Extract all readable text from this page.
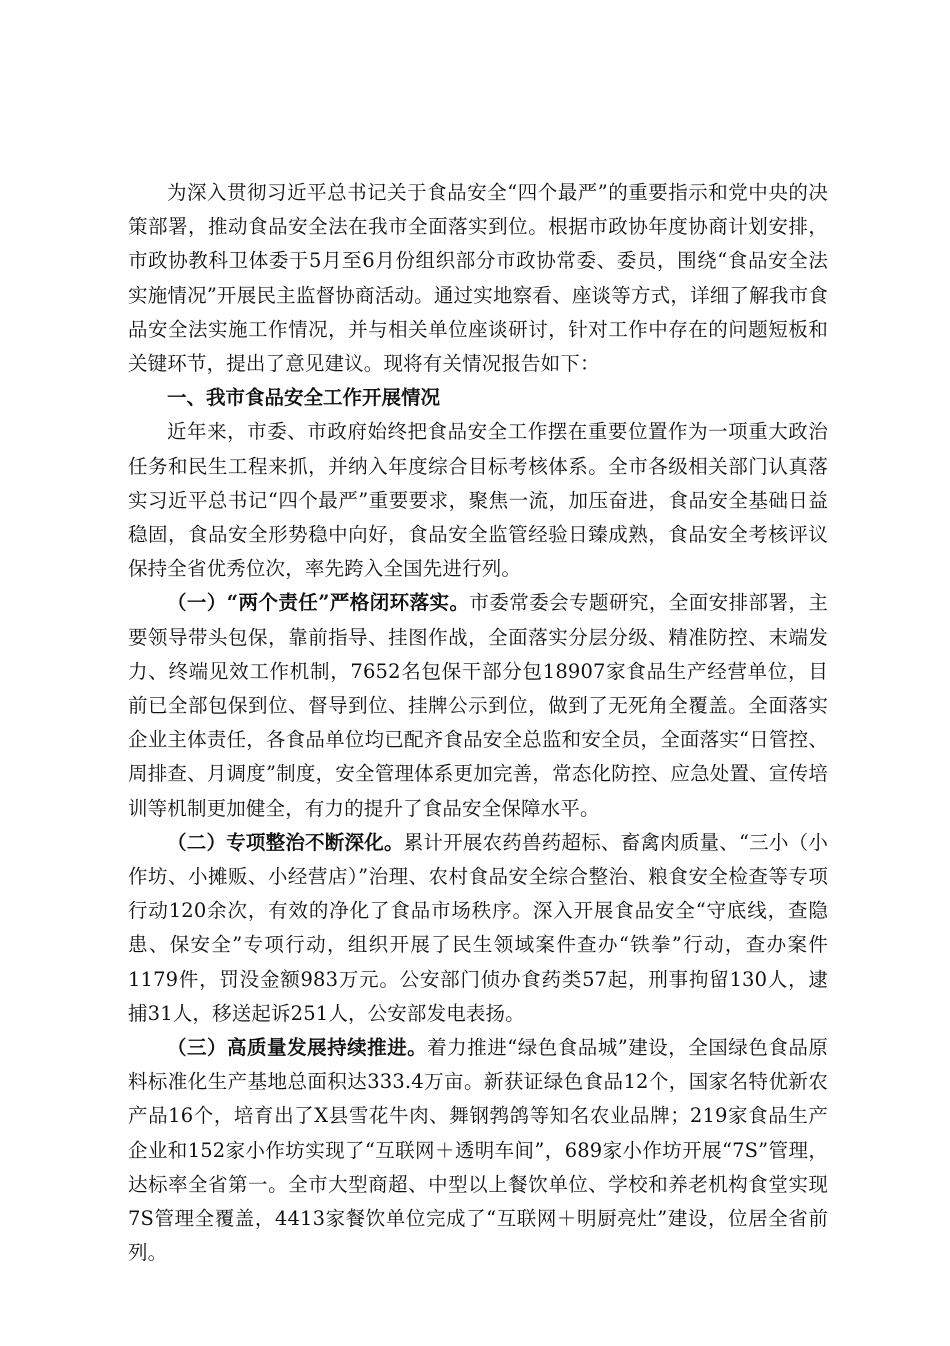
为深入贯彻习近平总书记关于食品安全“四个最严”的重要指示和党中央的决策部署，推动食品安全法在我市全面落实到位。根据市政协年度协商计划安排，市政协教科卫体委于5月至6月份组织部分市政协常委、委员，围绕“食品安全法实施情况”开展民主监督协商活动。通过实地察看、座谈等方式，详细了解我市食品安全法实施工作情况，并与相关单位座谈研讨，针对工作中存在的问题短板和关键环节，提出了意见建议。现将有关情况报告如下：

一、我市食品安全工作开展情况

近年来，市委、市政府始终把食品安全工作摆在重要位置作为一项重大政治任务和民生工程来抓，并纳入年度综合目标考核体系。全市各级相关部门认真落实习近平总书记“四个最严”重要要求，聚焦一流，加压奋进，食品安全基础日益稳固，食品安全形势稳中向好，食品安全监管经验日臻成熟，食品安全考核评议保持全省优秀位次，率先跨入全国先进行列。

（一）“两个责任”严格闭环落实。市委常委会专题研究，全面安排部署，主要领导带头包保，靠前指导、挂图作战，全面落实分层分级、精准防控、末端发力、终端见效工作机制，7652名包保干部分包18907家食品生产经营单位，目前已全部包保到位、督导到位、挂牌公示到位，做到了无死角全覆盖。全面落实企业主体责任，各食品单位均已配齐食品安全总监和安全员，全面落实“日管控、周排查、月调度”制度，安全管理体系更加完善，常态化防控、应急处置、宣传培训等机制更加健全，有力的提升了食品安全保障水平。

（二）专项整治不断深化。累计开展农药兽药超标、畜禽肉质量、“三小（小作坊、小摊贩、小经营店）”治理、农村食品安全综合整治、粮食安全检查等专项行动120余次，有效的净化了食品市场秩序。深入开展食品安全“守底线，查隐患、保安全”专项行动，组织开展了民生领域案件查办“铁拳”行动，查办案件1179件，罚没金额983万元。公安部门侦办食药类57起，刑事拘留130人，逮捕31人，移送起诉251人，公安部发电表扬。

（三）高质量发展持续推进。着力推进“绿色食品城”建设，全国绿色食品原料标准化生产基地总面积达333.4万亩。新获证绿色食品12个，国家名特优新农产品16个，培育出了X县雪花牛肉、舞钢鹁鸽等知名农业品牌；219家食品生产企业和152家小作坊实现了“互联网＋透明车间”，689家小作坊开展“7S”管理，达标率全省第一。全市大型商超、中型以上餐饮单位、学校和养老机构食堂实现7S管理全覆盖，4413家餐饮单位完成了“互联网＋明厨亮灶”建设，位居全省前列。
